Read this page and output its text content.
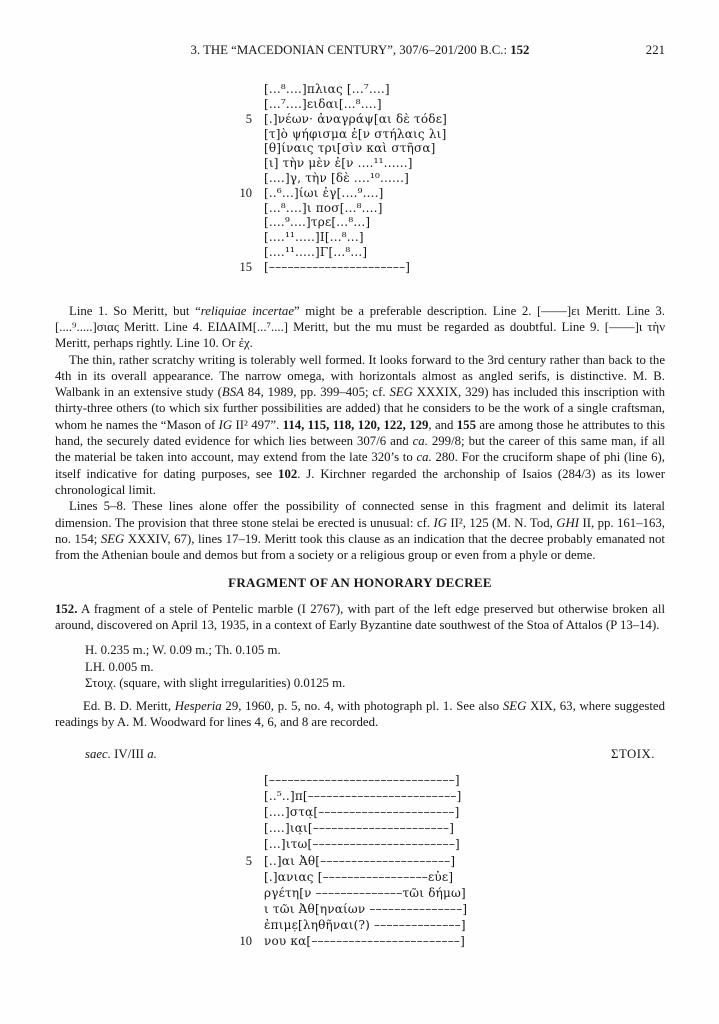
3. THE “MACEDONIAN CENTURY”, 307/6–201/200 B.C.: 152	221
[...⁸....]πλιας [...⁷....]
[...⁷....]ειδαι[...⁸....]
5 [.]νέων· ἀναγράψ[αι δὲ τόδε]
[τ]ὸ ψήφισμα ἐ[ν στήλαις λι]
[θ]ίναις τρι[σὶν καὶ στῆσα]
[ι] τὴν μὲν ἐ[ν ....¹¹......]
[....]γ̣, τὴν [δὲ ....¹⁰......]
10 [..⁶...]ίωι ἐγ[....⁹....]
[...⁸....]ι ποσ[...⁸....]
[....⁹....]τρε[...⁸...]
[....¹¹.....]Ι[...⁸...]
[....¹¹.....]Γ[...⁸...]
15 [––––––––––––––––––––––]

Line 1. So Meritt, but “reliquiae incertae” might be a preferable description. Line 2. [––––]ει Meritt. Line 3. [....⁹.....]σιας Meritt. Line 4. ΕΙΔΑΙΜ[...⁷....] Meritt, but the mu must be regarded as doubtful. Line 9. [––––]ι τὴν Meritt, perhaps rightly. Line 10. Or ἐχ.

The thin, rather scratchy writing is tolerably well formed. It looks forward to the 3rd century rather than back to the 4th in its overall appearance. The narrow omega, with horizontals almost as angled serifs, is distinctive. M. B. Walbank in an extensive study (BSA 84, 1989, pp. 399–405; cf. SEG XXXIX, 329) has included this inscription with thirty-three others (to which six further possibilities are added) that he considers to be the work of a single craftsman, whom he names the “Mason of IG II² 497”. 114, 115, 118, 120, 122, 129, and 155 are among those he attributes to this hand, the securely dated evidence for which lies between 307/6 and ca. 299/8; but the career of this same man, if all the material be taken into account, may extend from the late 320’s to ca. 280. For the cruciform shape of phi (line 6), itself indicative for dating purposes, see 102. J. Kirchner regarded the archonship of Isaios (284/3) as its lower chronological limit.

Lines 5–8. These lines alone offer the possibility of connected sense in this fragment and delimit its lateral dimension. The provision that three stone stelai be erected is unusual: cf. IG II², 125 (M. N. Tod, GHI II, pp. 161–163, no. 154; SEG XXXIV, 67), lines 17–19. Meritt took this clause as an indication that the decree probably emanated not from the Athenian boule and demos but from a society or a religious group or even from a phyle or deme.

FRAGMENT OF AN HONORARY DECREE

152. A fragment of a stele of Pentelic marble (I 2767), with part of the left edge preserved but otherwise broken all around, discovered on April 13, 1935, in a context of Early Byzantine date southwest of the Stoa of Attalos (P 13–14).

H. 0.235 m.; W. 0.09 m.; Th. 0.105 m.
LH. 0.005 m.
Στοιχ. (square, with slight irregularities) 0.0125 m.

Ed. B. D. Meritt, Hesperia 29, 1960, p. 5, no. 4, with photograph pl. 1. See also SEG XIX, 63, where suggested readings by A. M. Woodward for lines 4, 6, and 8 are recorded.

saec. IV/III a.	ΣΤΟΙΧ.
[––––––––––––––––––––––––––––––]
[..⁵..]π[––––––––––––––––––––––––]
[....]στα̣[––––––––––––––––––––––]
[....]ια̣ι[––––––––––––––––––––––]
[...]ιτω[–––––––––––––––––––––––]
5 [..]αι Ἀθ[–––––––––––––––––––––]
[.]ανιας [–––––––––––––––––εὐε]
ργέτη[ν ––––––––––––––τῶι δήμω]
ι τῶι Ἀθ[ηναίων –––––––––––––––]
ἐπιμε̣[ληθῆναι(?) ––––––––––––––]
10 νου κα[––––––––––––––––––––––––]
